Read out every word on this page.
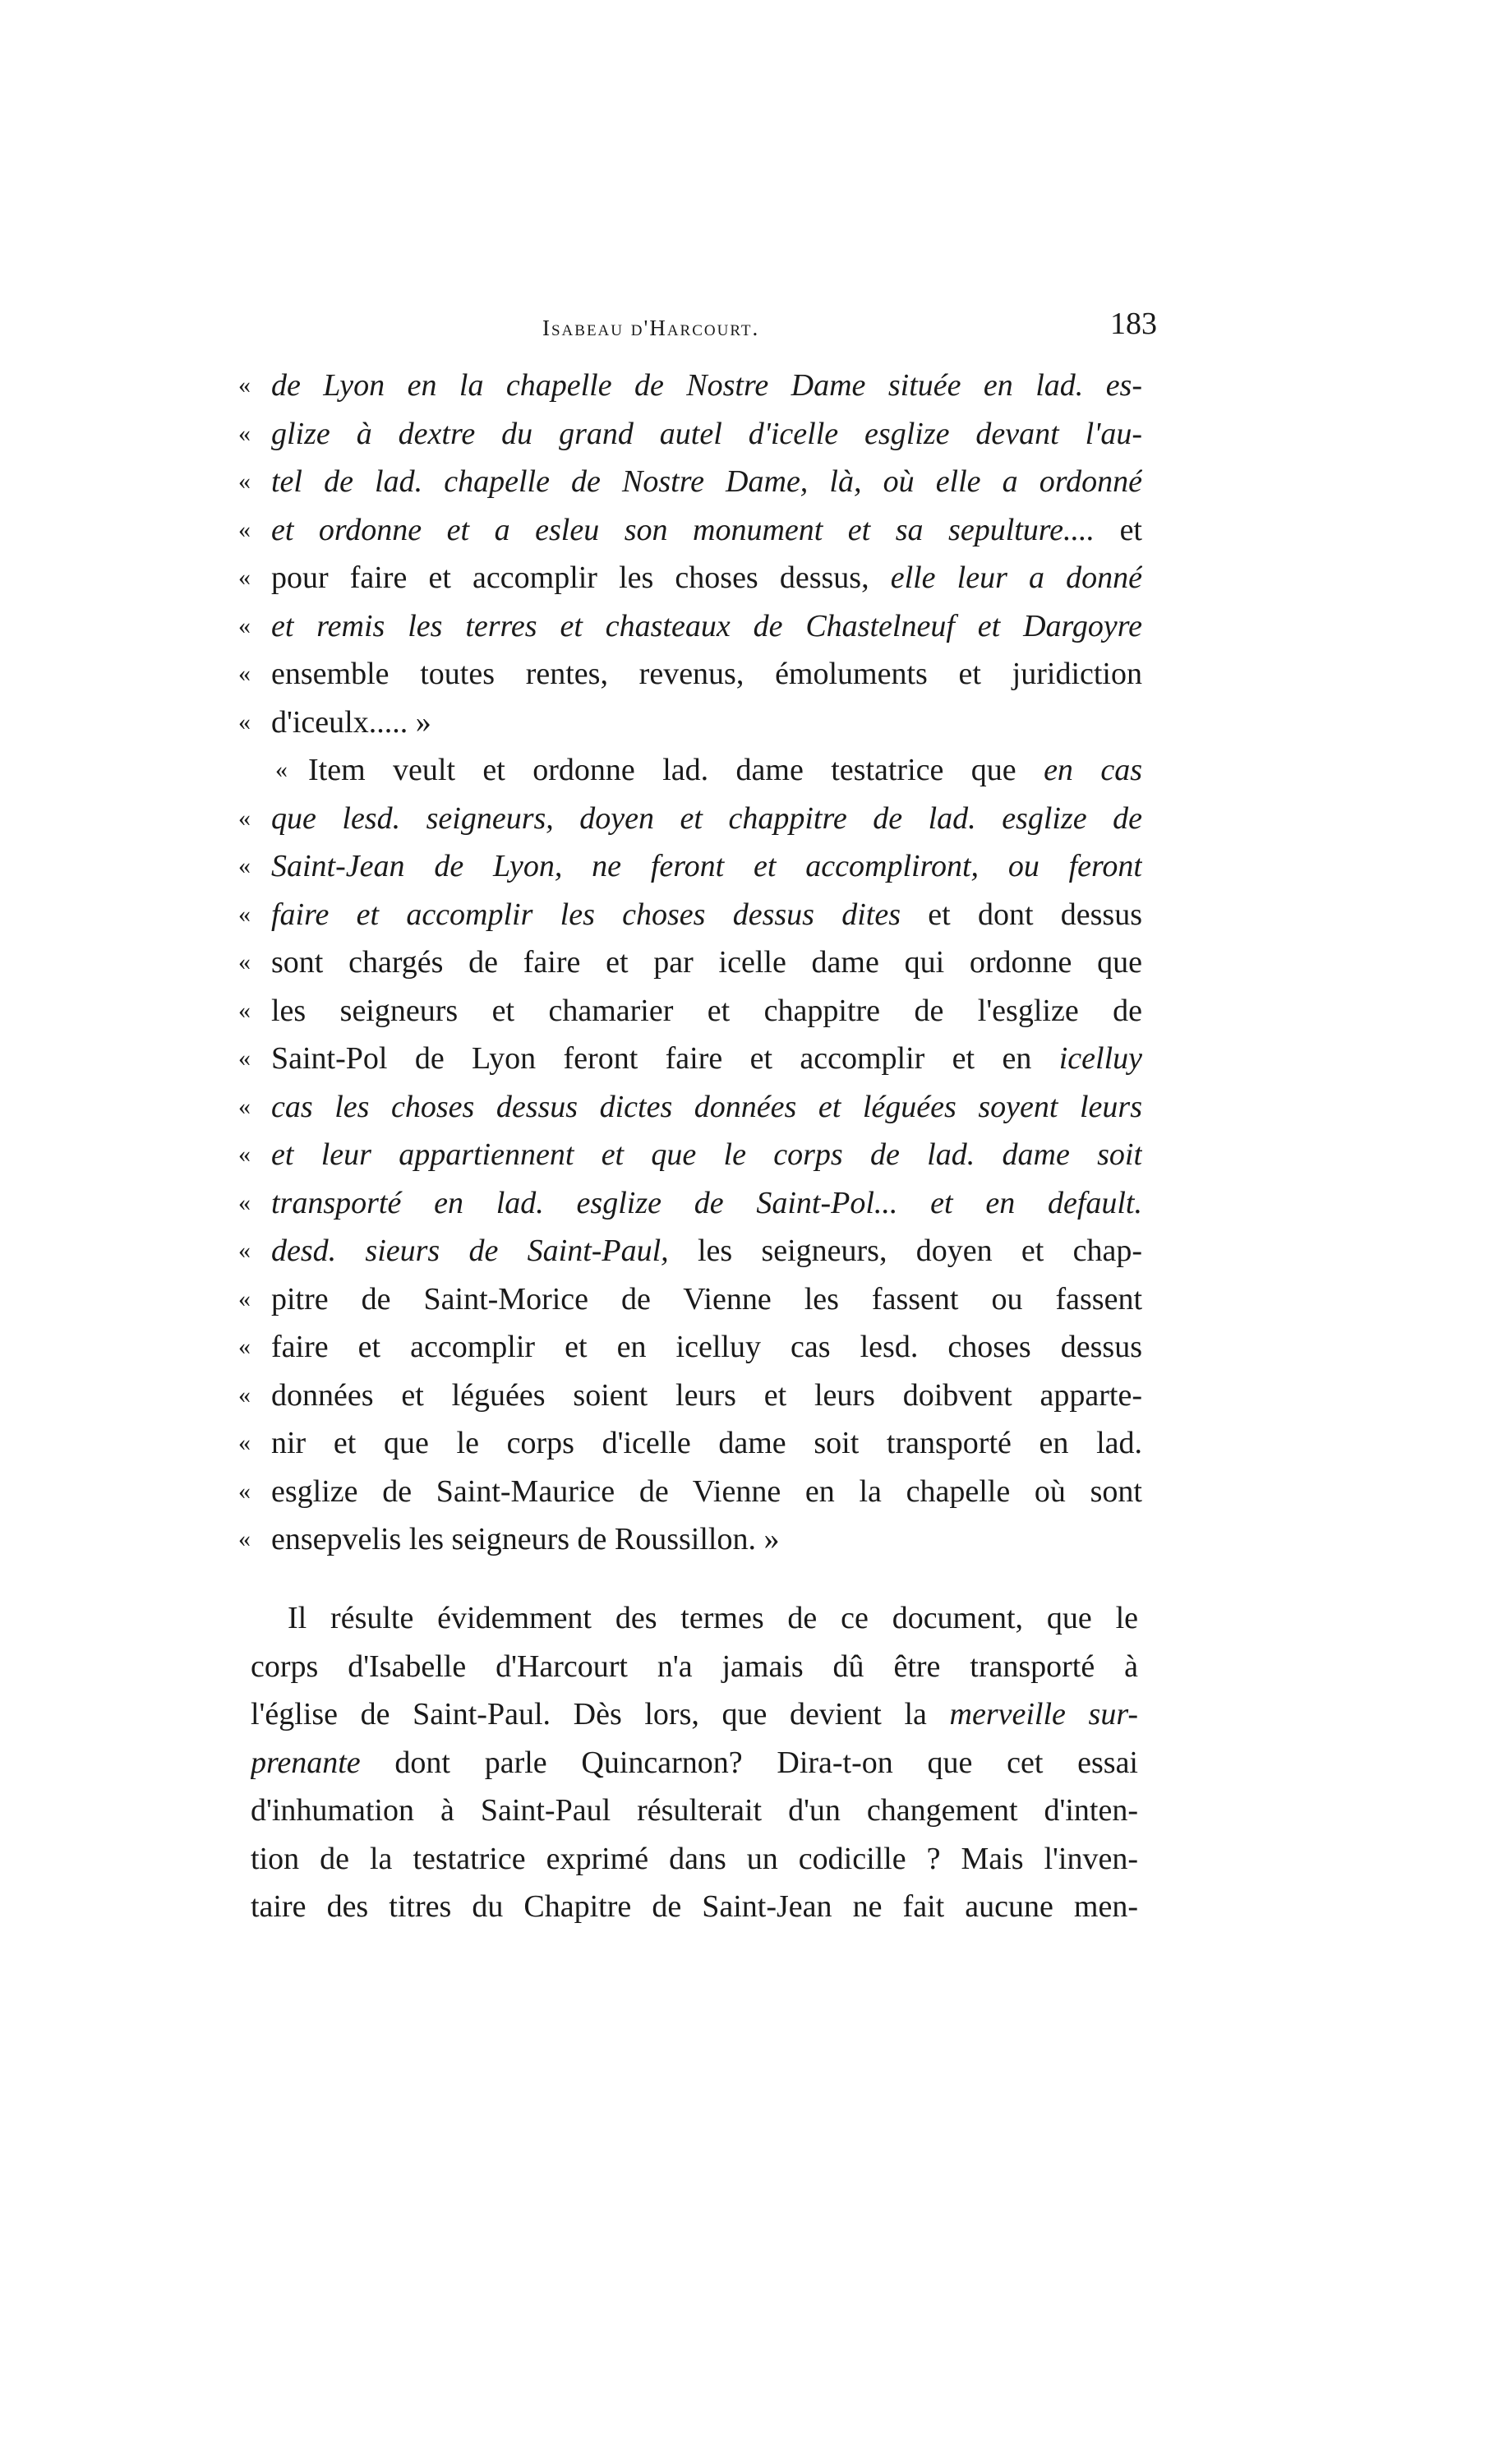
Isabeau d'Harcourt.	183
« de Lyon en la chapelle de Nostre Dame située en lad. es-
« glize à dextre du grand autel d'icelle esglize devant l'au-
« tel de lad. chapelle de Nostre Dame, là, où elle a ordonné
« et ordonne et a esleu son monument et sa sepulture.... et
« pour faire et accomplir les choses dessus, elle leur a donné
« et remis les terres et chasteaux de Chastelneuf et Dargoyre
« ensemble toutes rentes, revenus, émoluments et juridiction
« d'iceulx..... »
« Item veult et ordonne lad. dame testatrice que en cas
« que lesd. seigneurs, doyen et chappitre de lad. esglize de
« Saint-Jean de Lyon, ne feront et accompliront, ou feront
« faire et accomplir les choses dessus dites et dont dessus
« sont chargés de faire et par icelle dame qui ordonne que
« les seigneurs et chamarier et chappitre de l'esglize de
« Saint-Pol de Lyon feront faire et accomplir et en icelluy
« cas les choses dessus dictes données et léguées soyent leurs
« et leur appartiennent et que le corps de lad. dame soit
« transporté en lad. esglize de Saint-Pol... et en default.
« desd. sieurs de Saint-Paul, les seigneurs, doyen et chap-
« pitre de Saint-Morice de Vienne les fassent ou fassent
« faire et accomplir et en icelluy cas lesd. choses dessus
« données et léguées soient leurs et leurs doibvent apparte-
« nir et que le corps d'icelle dame soit transporté en lad.
« esglize de Saint-Maurice de Vienne en la chapelle où sont
« ensepvelis les seigneurs de Roussillon. »
Il résulte évidemment des termes de ce document, que le
corps d'Isabelle d'Harcourt n'a jamais dû être transporté à
l'église de Saint-Paul. Dès lors, que devient la merveille sur-
prenante dont parle Quincarnon? Dira-t-on que cet essai
d'inhumation à Saint-Paul résulterait d'un changement d'inten-
tion de la testatrice exprimé dans un codicille ? Mais l'inven-
taire des titres du Chapitre de Saint-Jean ne fait aucune men-
